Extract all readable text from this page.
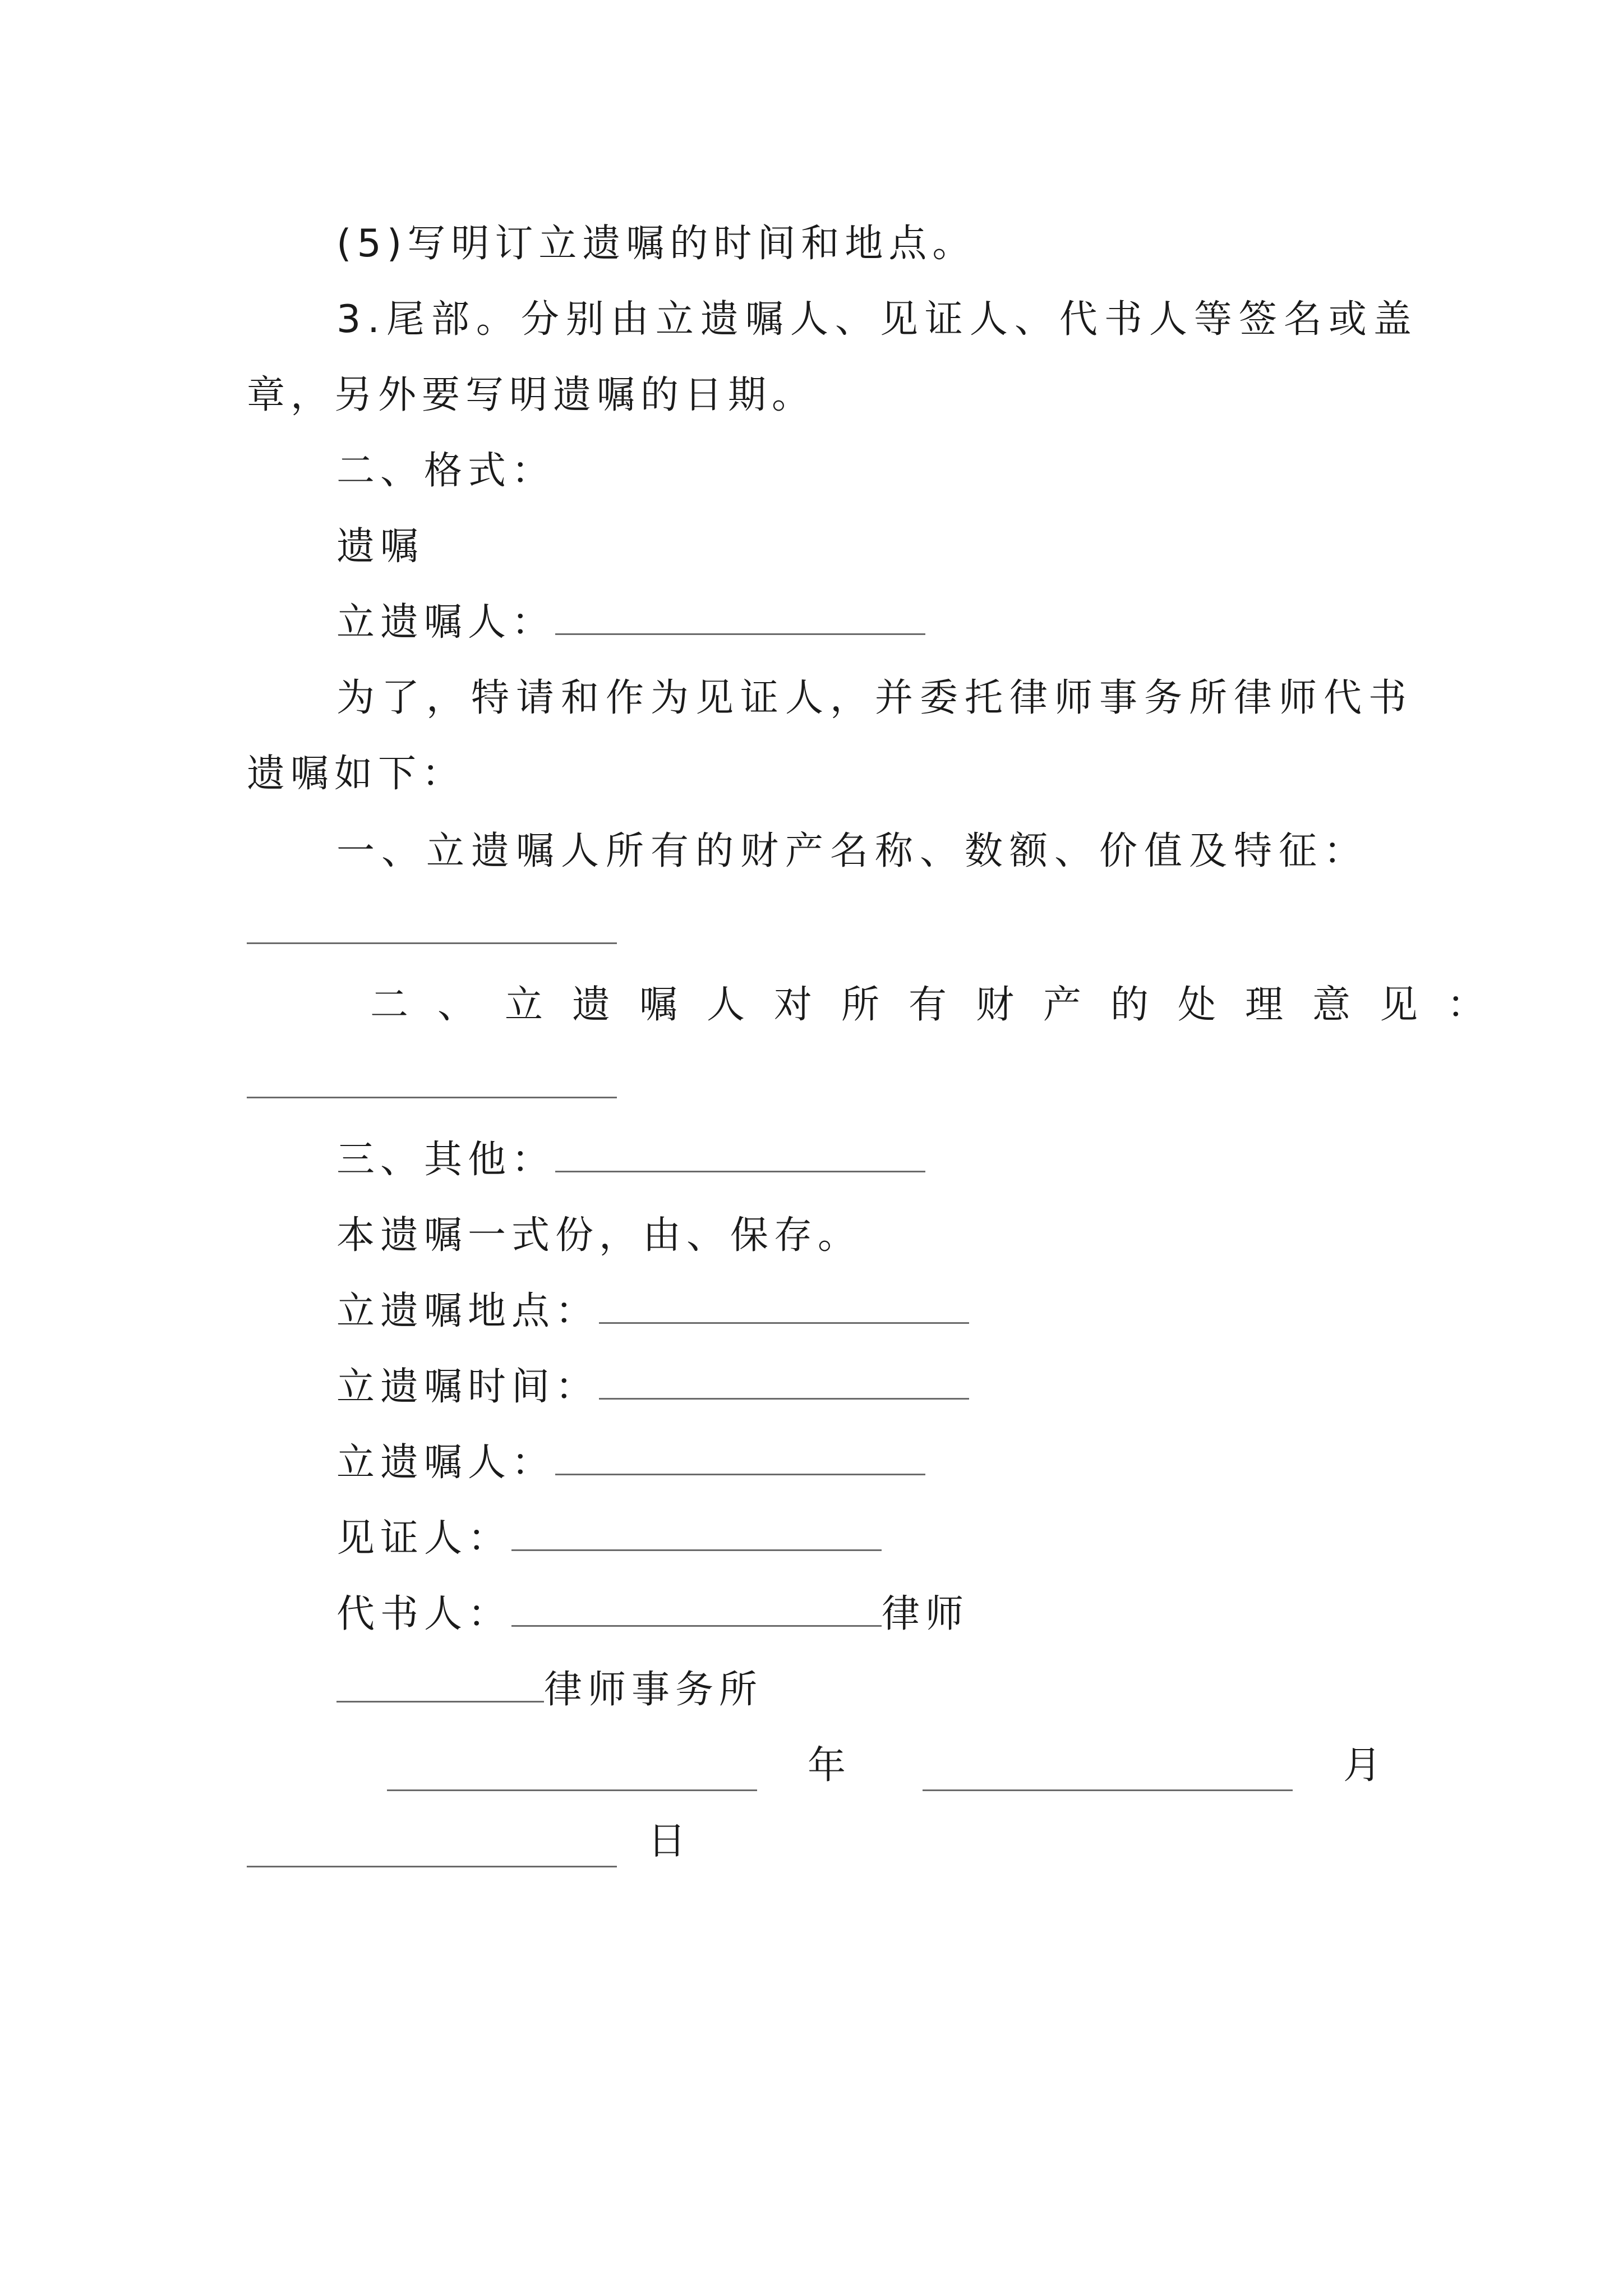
(5)写明订立遗嘱的时间和地点。
3.尾部。分别由立遗嘱人、见证人、代书人等签名或盖
章，另外要写明遗嘱的日期。
二、格式：
遗嘱
立遗嘱人：
为了，特请和作为见证人，并委托律师事务所律师代书
遗嘱如下：
一、立遗嘱人所有的财产名称、数额、价值及特征：
二、立遗嘱人对所有财产的处理意见：
三、其他：
本遗嘱一式份，由、保存。
立遗嘱地点：
立遗嘱时间：
立遗嘱人：
见证人：
代书人：	律师
律师事务所
年	月
日
